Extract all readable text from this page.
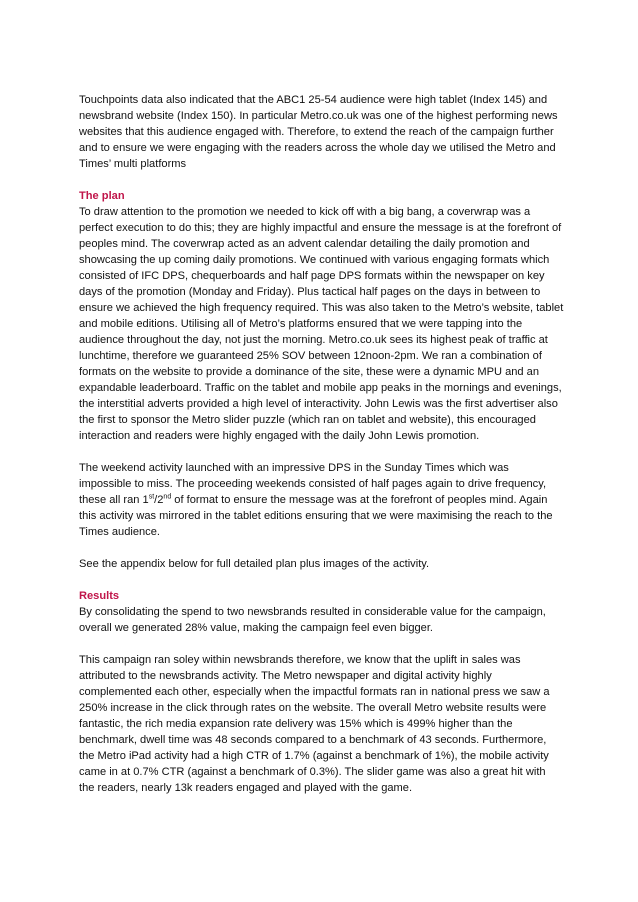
Touchpoints data also indicated that the ABC1 25-54 audience were high tablet (Index 145) and newsbrand website (Index 150). In particular Metro.co.uk was one of the highest performing news websites that this audience engaged with. Therefore, to extend the reach of the campaign further and to ensure we were engaging with the readers across the whole day we utilised the Metro and Times’ multi platforms

The plan

To draw attention to the promotion we needed to kick off with a big bang, a coverwrap was a perfect execution to do this; they are highly impactful and ensure the message is at the forefront of peoples mind. The coverwrap acted as an advent calendar detailing the daily promotion and showcasing the up coming daily promotions. We continued with various engaging formats which consisted of IFC DPS, chequerboards and half page DPS formats within the newspaper on key days of the promotion (Monday and Friday). Plus tactical half pages on the days in between to ensure we achieved the high frequency required. This was also taken to the Metro’s website, tablet and mobile editions. Utilising all of Metro’s platforms ensured that we were tapping into the audience throughout the day, not just the morning. Metro.co.uk sees its highest peak of traffic at lunchtime, therefore we guaranteed 25% SOV between 12noon-2pm. We ran a combination of formats on the website to provide a dominance of the site, these were a dynamic MPU and an expandable leaderboard. Traffic on the tablet and mobile app peaks in the mornings and evenings, the interstitial adverts provided a high level of interactivity. John Lewis was the first advertiser also the first to sponsor the Metro slider puzzle (which ran on tablet and website), this encouraged interaction and readers were highly engaged with the daily John Lewis promotion.

The weekend activity launched with an impressive DPS in the Sunday Times which was impossible to miss. The proceeding weekends consisted of half pages again to drive frequency, these all ran 1st/2nd of format to ensure the message was at the forefront of peoples mind. Again this activity was mirrored in the tablet editions ensuring that we were maximising the reach to the Times audience.

See the appendix below for full detailed plan plus images of the activity.

Results

By consolidating the spend to two newsbrands resulted in considerable value for the campaign, overall we generated 28% value, making the campaign feel even bigger.

This campaign ran soley within newsbrands therefore, we know that the uplift in sales was attributed to the newsbrands activity. The Metro newspaper and digital activity highly complemented each other, especially when the impactful formats ran in national press we saw a 250% increase in the click through rates on the website. The overall Metro website results were fantastic, the rich media expansion rate delivery was 15% which is 499% higher than the benchmark, dwell time was 48 seconds compared to a benchmark of 43 seconds. Furthermore, the Metro iPad activity had a high CTR of 1.7% (against a benchmark of 1%), the mobile activity came in at 0.7% CTR (against a benchmark of 0.3%). The slider game was also a great hit with the readers, nearly 13k readers engaged and played with the game.
